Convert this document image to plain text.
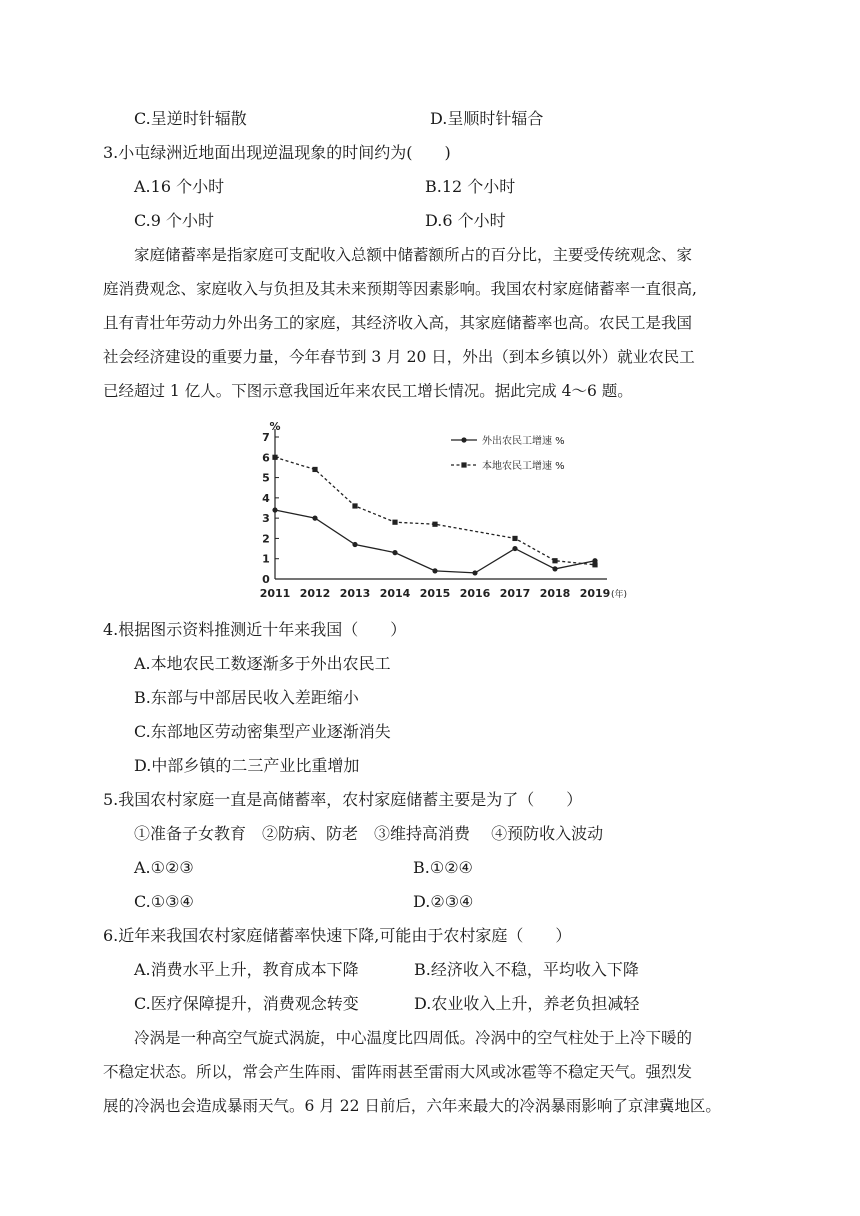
C.呈逆时针辐散	D.呈顺时针辐合
3.小屯绿洲近地面出现逆温现象的时间约为(　　)
A.16 个小时	B.12 个小时
C.9 个小时	D.6 个小时
家庭储蓄率是指家庭可支配收入总额中储蓄额所占的百分比，主要受传统观念、家
庭消费观念、家庭收入与负担及其未来预期等因素影响。我国农村家庭储蓄率一直很高,
且有青壮年劳动力外出务工的家庭，其经济收入高，其家庭储蓄率也高。农民工是我国
社会经济建设的重要力量，今年春节到 3 月 20 日，外出（到本乡镇以外）就业农民工
已经超过 1 亿人。下图示意我国近年来农民工增长情况。据此完成 4～6 题。
0
1
2
3
4
5
6
7
%
2011 2012 2013 2014 2015 2016 2017 2018 2019 (年)
外出农民工增速 %
本地农民工增速 %
4.根据图示资料推测近十年来我国（　　）
A.本地农民工数逐渐多于外出农民工
B.东部与中部居民收入差距缩小
C.东部地区劳动密集型产业逐渐消失
D.中部乡镇的二三产业比重增加
5.我国农村家庭一直是高储蓄率，农村家庭储蓄主要是为了（　　）
①准备子女教育　②防病、防老　③维持高消费　 ④预防收入波动
A.①②③	B.①②④
C.①③④	D.②③④
6.近年来我国农村家庭储蓄率快速下降,可能由于农村家庭（　　）
A.消费水平上升，教育成本下降	B.经济收入不稳，平均收入下降
C.医疗保障提升，消费观念转变	D.农业收入上升，养老负担减轻
冷涡是一种高空气旋式涡旋，中心温度比四周低。冷涡中的空气柱处于上冷下暖的
不稳定状态。所以，常会产生阵雨、雷阵雨甚至雷雨大风或冰雹等不稳定天气。强烈发
展的冷涡也会造成暴雨天气。6 月 22 日前后，六年来最大的冷涡暴雨影响了京津冀地区。
